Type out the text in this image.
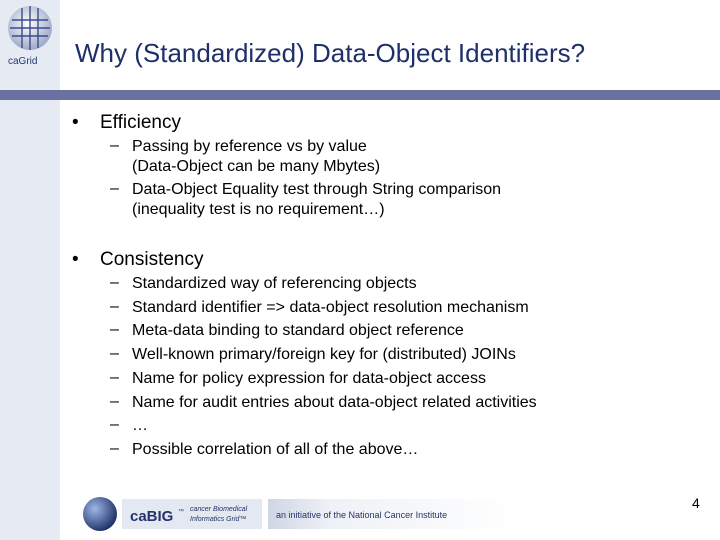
caGrid Why (Standardized) Data-Object Identifiers?
• Efficiency
– Passing by reference vs by value
(Data-Object can be many Mbytes)
– Data-Object Equality test through String comparison
(inequality test is no requirement…)
• Consistency
– Standardized way of referencing objects
– Standard identifier => data-object resolution mechanism
– Meta-data binding to standard object reference
– Well-known primary/foreign key for (distributed) JOINs
– Name for policy expression for data-object access
– Name for audit entries about data-object related activities
– …
– Possible correlation of all of the above…
4
caBIG ™ cancer Biomedical
Informatics Grid™	an initiative of the National Cancer Institute
